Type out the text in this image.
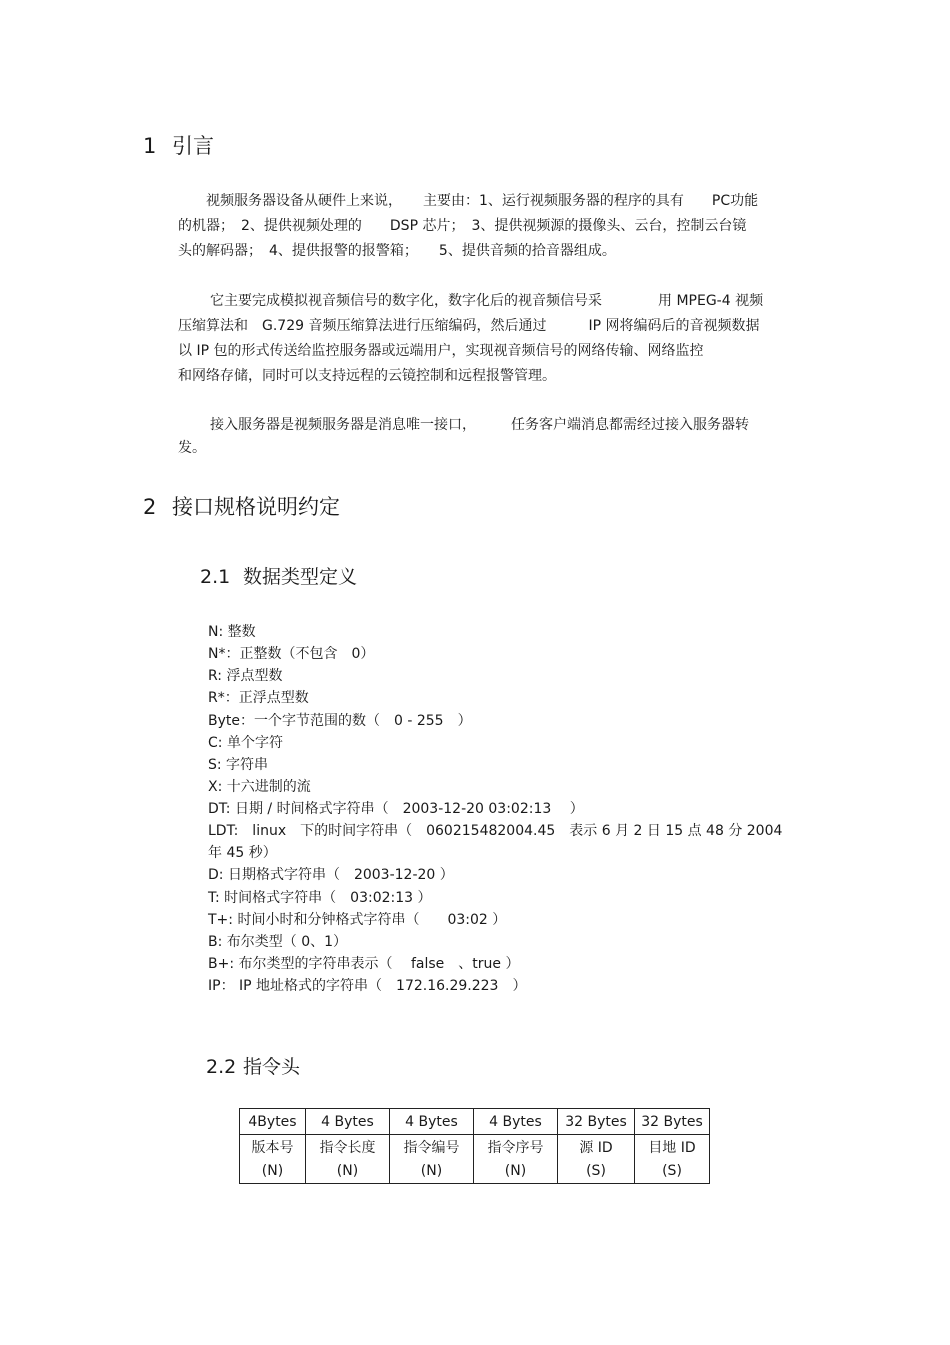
1 引言
视频服务器设备从硬件上来说，　　主要由：1、运行视频服务器的程序的具有　　PC功能
的机器；　2、提供视频处理的　　DSP 芯片；　3、提供视频源的摄像头、云台，控制云台镜
头的解码器；　4、提供报警的报警箱；　　5、提供音频的拾音器组成。
它主要完成模拟视音频信号的数字化，数字化后的视音频信号采　　　　用 MPEG-4 视频
压缩算法和　G.729 音频压缩算法进行压缩编码，然后通过　　　IP 网将编码后的音视频数据
以 IP 包的形式传送给监控服务器或远端用户，实现视音频信号的网络传输、网络监控
和网络存储，同时可以支持远程的云镜控制和远程报警管理。
接入服务器是视频服务器是消息唯一接口，　　　任务客户端消息都需经过接入服务器转
发。
2 接口规格说明约定
2.1 数据类型定义
N: 整数
N*：正整数（不包含　0）
R: 浮点型数
R*：正浮点型数
Byte：一个字节范围的数（　0 - 255　）
C: 单个字符
S: 字符串
X: 十六进制的流
DT: 日期 / 时间格式字符串（　2003-12-20 03:02:13　 ）
LDT:　linux　下的时间字符串（　060215482004.45　表示 6 月 2 日 15 点 48 分 2004
年 45 秒）
D: 日期格式字符串（　2003-12-20 ）
T: 时间格式字符串（　03:02:13 ）
T+: 时间小时和分钟格式字符串（　　03:02 ）
B: 布尔类型（ 0、1）
B+: 布尔类型的字符串表示（　 false　、true ）
IP： IP 地址格式的字符串（　172.16.29.223　）
2.2 指令头
4Bytes	4 Bytes	4 Bytes	4 Bytes	32 Bytes	32 Bytes
版本号	指令长度	指令编号	指令序号	源 ID	目地 ID
(N)	(N)	(N)	(N)	(S)	(S)
